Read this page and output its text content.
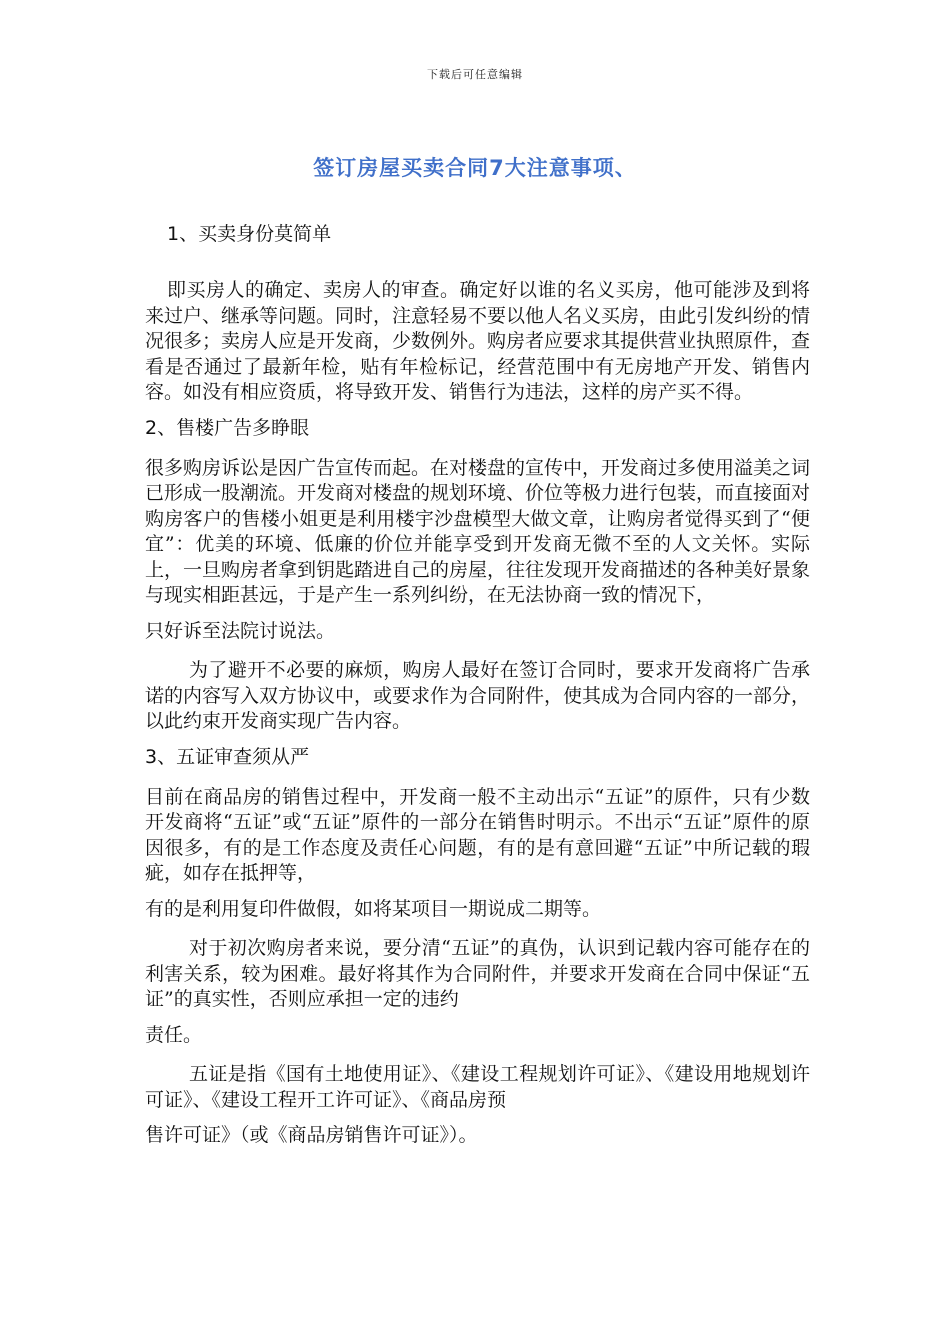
下载后可任意编辑
签订房屋买卖合同7大注意事项、

1、买卖身份莫简单

即买房人的确定、卖房人的审查。确定好以谁的名义买房，他可能涉及到将来过户、继承等问题。同时，注意轻易不要以他人名义买房，由此引发纠纷的情况很多；卖房人应是开发商，少数例外。购房者应要求其提供营业执照原件，查看是否通过了最新年检，贴有年检标记，经营范围中有无房地产开发、销售内容。如没有相应资质，将导致开发、销售行为违法，这样的房产买不得。

2、售楼广告多睁眼

很多购房诉讼是因广告宣传而起。在对楼盘的宣传中，开发商过多使用溢美之词已形成一股潮流。开发商对楼盘的规划环境、价位等极力进行包装，而直接面对购房客户的售楼小姐更是利用楼宇沙盘模型大做文章，让购房者觉得买到了“便宜”：优美的环境、低廉的价位并能享受到开发商无微不至的人文关怀。实际上，一旦购房者拿到钥匙踏进自己的房屋，往往发现开发商描述的各种美好景象与现实相距甚远，于是产生一系列纠纷，在无法协商一致的情况下，

只好诉至法院讨说法。

为了避开不必要的麻烦，购房人最好在签订合同时，要求开发商将广告承诺的内容写入双方协议中，或要求作为合同附件，使其成为合同内容的一部分，以此约束开发商实现广告内容。

3、五证审查须从严

目前在商品房的销售过程中，开发商一般不主动出示“五证”的原件，只有少数开发商将“五证”或“五证”原件的一部分在销售时明示。不出示“五证”原件的原因很多，有的是工作态度及责任心问题，有的是有意回避“五证”中所记载的瑕疵，如存在抵押等，

有的是利用复印件做假，如将某项目一期说成二期等。

对于初次购房者来说，要分清“五证”的真伪，认识到记载内容可能存在的利害关系，较为困难。最好将其作为合同附件，并要求开发商在合同中保证“五证”的真实性，否则应承担一定的违约

责任。

五证是指《国有土地使用证》、《建设工程规划许可证》、《建设用地规划许可证》、《建设工程开工许可证》、《商品房预

售许可证》（或《商品房销售许可证》）。
